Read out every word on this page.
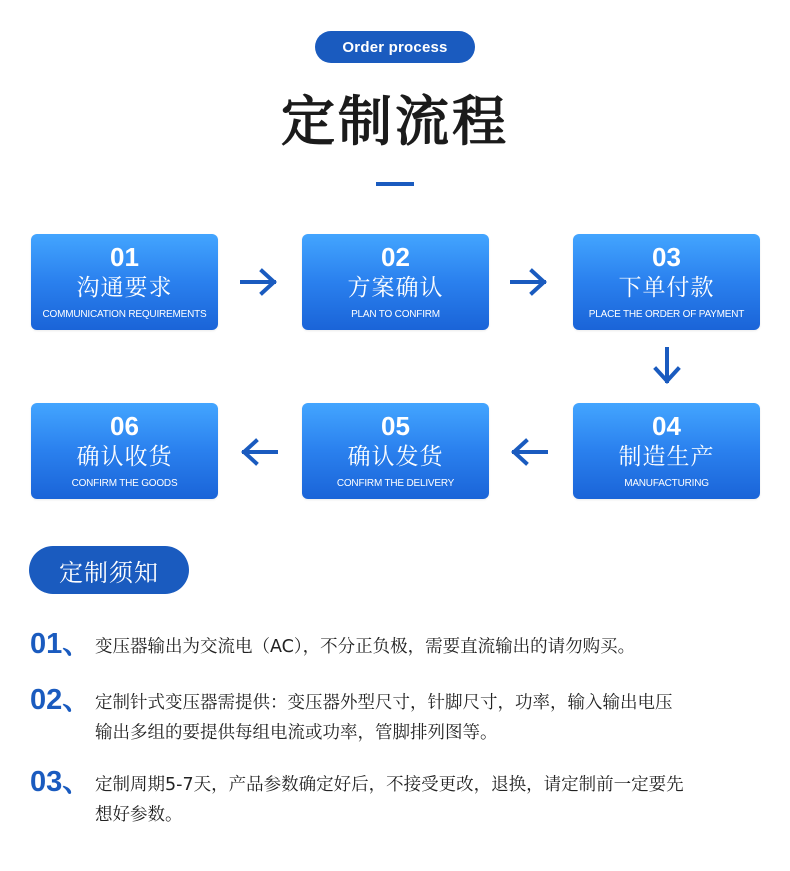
Order process
定制流程
01
沟通要求
COMMUNICATION REQUIREMENTS
02
方案确认
PLAN TO CONFIRM
03
下单付款
PLACE THE ORDER OF PAYMENT
06
确认收货
CONFIRM THE GOODS
05
确认发货
CONFIRM THE DELIVERY
04
制造生产
MANUFACTURING
定制须知
01、 变压器输出为交流电（AC），不分正负极，需要直流输出的请勿购买。
02、 定制针式变压器需提供：变压器外型尺寸，针脚尺寸，功率，输入输出电压
输出多组的要提供每组电流或功率，管脚排列图等。
03、 定制周期5-7天，产品参数确定好后，不接受更改，退换，请定制前一定要先
想好参数。
